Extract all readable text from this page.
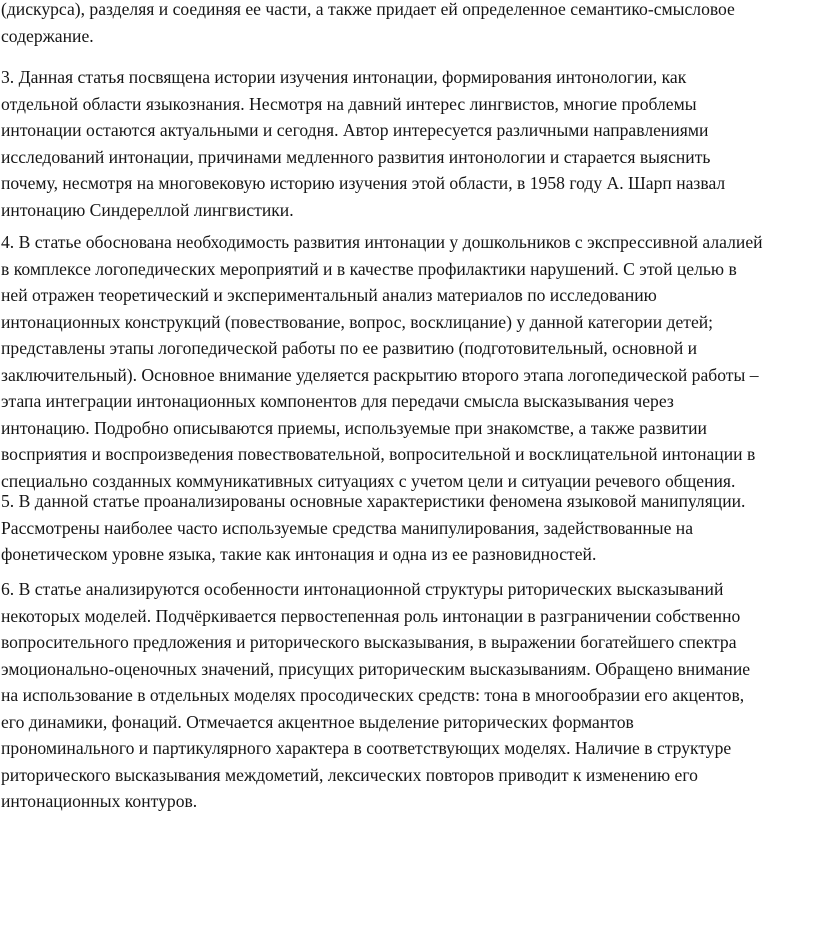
(дискурса), разделяя и соединяя ее части, а также придает ей определенное семантико-смысловое
содержание.
3. Данная статья посвящена истории изучения интонации, формирования интонологии, как
отдельной области языкознания. Несмотря на давний интерес лингвистов, многие проблемы
интонации остаются актуальными и сегодня. Автор интересуется различными направлениями
исследований интонации, причинами медленного развития интонологии и старается выяснить
почему, несмотря на многовековую историю изучения этой области, в 1958 году А. Шарп назвал
интонацию Синдереллой лингвистики.
4. В статье обоснована необходимость развития интонации у дошкольников с экспрессивной алалией
в комплексе логопедических мероприятий и в качестве профилактики нарушений. С этой целью в
ней отражен теоретический и экспериментальный анализ материалов по исследованию
интонационных конструкций (повествование, вопрос, восклицание) у данной категории детей;
представлены этапы логопедической работы по ее развитию (подготовительный, основной и
заключительный). Основное внимание уделяется раскрытию второго этапа логопедической работы –
этапа интеграции интонационных компонентов для передачи смысла высказывания через
интонацию. Подробно описываются приемы, используемые при знакомстве, а также развитии
восприятия и воспроизведения повествовательной, вопросительной и восклицательной интонации в
специально созданных коммуникативных ситуациях с учетом цели и ситуации речевого общения.
5. В данной статье проанализированы основные характеристики феномена языковой манипуляции.
Рассмотрены наиболее часто используемые средства манипулирования, задействованные на
фонетическом уровне языка, такие как интонация и одна из ее разновидностей.
6. В статье анализируются особенности интонационной структуры риторических высказываний
некоторых моделей. Подчёркивается первостепенная роль интонации в разграничении собственно
вопросительного предложения и риторического высказывания, в выражении богатейшего спектра
эмоционально-оценочных значений, присущих риторическим высказываниям. Обращено внимание
на использование в отдельных моделях просодических средств: тона в многообразии его акцентов,
его динамики, фонаций. Отмечается акцентное выделение риторических формантов
прономинального и партикулярного характера в соответствующих моделях. Наличие в структуре
риторического высказывания междометий, лексических повторов приводит к изменению его
интонационных контуров.
